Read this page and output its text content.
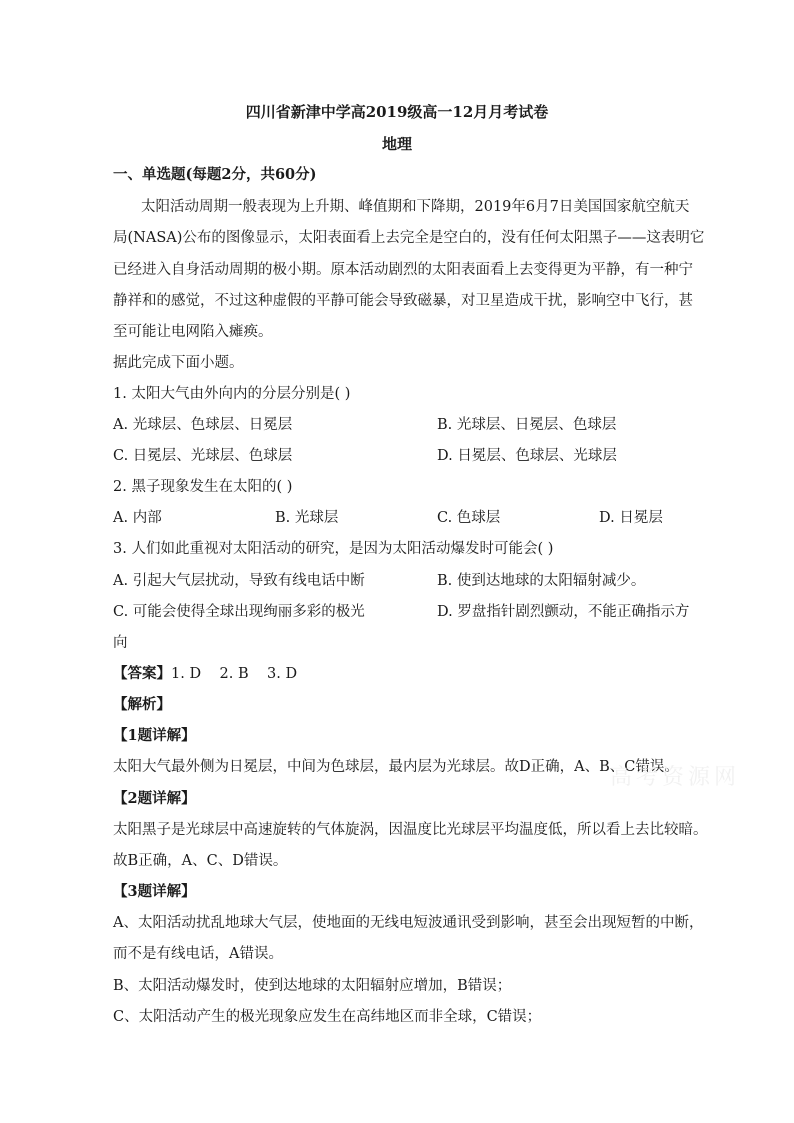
四川省新津中学高2019级高一12月月考试卷
地理
一、单选题(每题2分，共60分)
太阳活动周期一般表现为上升期、峰值期和下降期，2019年6月7日美国国家航空航天
局(NASA)公布的图像显示，太阳表面看上去完全是空白的，没有任何太阳黑子——这表明它
已经进入自身活动周期的极小期。原本活动剧烈的太阳表面看上去变得更为平静，有一种宁
静祥和的感觉，不过这种虚假的平静可能会导致磁暴，对卫星造成干扰，影响空中飞行，甚
至可能让电网陷入瘫痪。
据此完成下面小题。
1. 太阳大气由外向内的分层分别是( )
A. 光球层、色球层、日冕层	B. 光球层、日冕层、色球层
C. 日冕层、光球层、色球层	D. 日冕层、色球层、光球层
2. 黑子现象发生在太阳的( )
A. 内部	B. 光球层	C. 色球层	D. 日冕层
3. 人们如此重视对太阳活动的研究，是因为太阳活动爆发时可能会( )
A. 引起大气层扰动，导致有线电话中断	B. 使到达地球的太阳辐射减少。
C. 可能会使得全球出现绚丽多彩的极光	D. 罗盘指针剧烈颤动，不能正确指示方
向
【答案】1. D    2. B    3. D
【解析】
【1题详解】
太阳大气最外侧为日冕层，中间为色球层，最内层为光球层。故D正确，A、B、C错误。
【2题详解】
太阳黑子是光球层中高速旋转的气体旋涡，因温度比光球层平均温度低，所以看上去比较暗。
故B正确，A、C、D错误。
【3题详解】
A、太阳活动扰乱地球大气层，使地面的无线电短波通讯受到影响，甚至会出现短暂的中断，
而不是有线电话，A错误。
B、太阳活动爆发时，使到达地球的太阳辐射应增加，B错误；
C、太阳活动产生的极光现象应发生在高纬地区而非全球，C错误；
高考资源网
